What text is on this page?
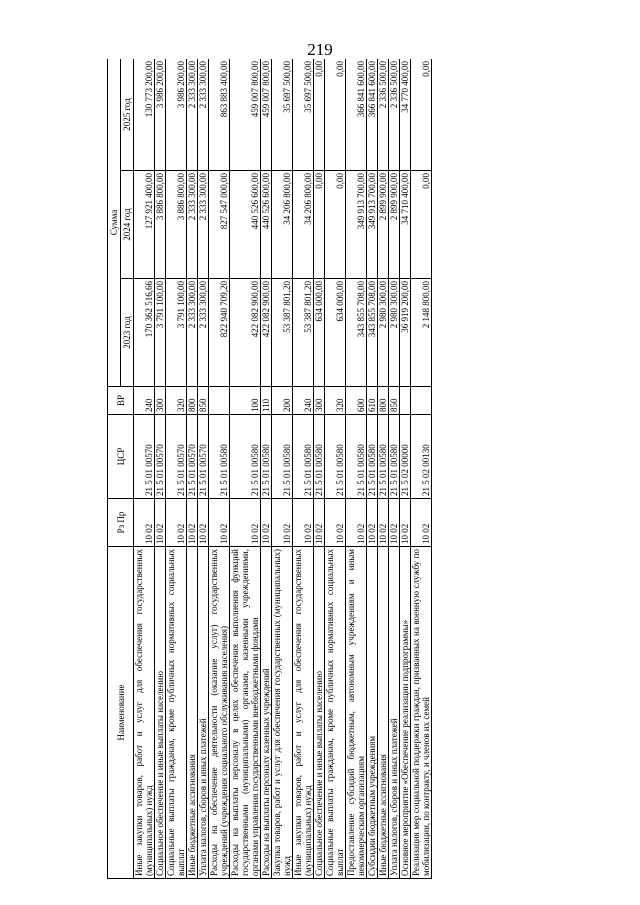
219
Наименование	Рз Пр	ЦСР	ВР	Сумма		
				2023 год	2024 год	2025 год
Иные закупки товаров, работ и услуг для обеспечения государственных (муниципальных) нужд	10 02	21 5 01 00570	240	170 362 516,66	127 921 400,00	130 773 200,00
Социальное обеспечение и иные выплаты населению	10 02	21 5 01 00570	300	3 791 100,00	3 886 800,00	3 986 200,00
Социальные выплаты гражданам, кроме публичных нормативных социальных выплат	10 02	21 5 01 00570	320	3 791 100,00	3 886 800,00	3 986 200,00
Иные бюджетные ассигнования	10 02	21 5 01 00570	800	2 333 300,00	2 333 300,00	2 333 300,00
Уплата налогов, сборов и иных платежей	10 02	21 5 01 00570	850	2 333 300,00	2 333 300,00	2 333 300,00
Расходы на обеспечение деятельности (оказание услуг) государственных учреждений (учреждения социального обслуживания населения)	10 02	21 5 01 00580		822 940 709,20	827 547 000,00	863 883 400,00
Расходы на выплаты персоналу в целях обеспечения выполнения функций государственными (муниципальными) органами, казенными учреждениями, органами управления государственными внебюджетными фондами	10 02	21 5 01 00580	100	422 082 900,00	440 526 600,00	459 007 800,00
Расходы на выплаты персоналу казенных учреждений	10 02	21 5 01 00580	110	422 082 900,00	440 526 600,00	459 007 800,00
Закупка товаров, работ и услуг для обеспечения государственных (муниципальных) нужд	10 02	21 5 01 00580	200	53 387 801,20	34 206 800,00	35 697 500,00
Иные закупки товаров, работ и услуг для обеспечения государственных (муниципальных) нужд	10 02	21 5 01 00580	240	53 387 801,20	34 206 800,00	35 697 500,00
Социальное обеспечение и иные выплаты населению	10 02	21 5 01 00580	300	634 000,00	0,00	0,00
Социальные выплаты гражданам, кроме публичных нормативных социальных выплат	10 02	21 5 01 00580	320	634 000,00	0,00	0,00
Предоставление субсидий бюджетным, автономным учреждениям и иным некоммерческим организациям	10 02	21 5 01 00580	600	343 855 708,00	349 913 700,00	366 841 600,00
Субсидии бюджетным учреждениям	10 02	21 5 01 00580	610	343 855 708,00	349 913 700,00	366 841 600,00
Иные бюджетные ассигнования	10 02	21 5 01 00580	800	2 980 300,00	2 899 900,00	2 336 500,00
Уплата налогов, сборов и иных платежей	10 02	21 5 01 00580	850	2 980 300,00	2 899 900,00	2 336 500,00
Основное мероприятие «Обеспечение реализации подпрограммы»	10 02	21 5 02 00000		36 919 200,00	34 710 400,00	34 770 400,00
Реализация мер социальной поддержки граждан, призванных на военную службу по мобилизации, по контракту, и членов их семей	10 02	21 5 02 00130		2 148 800,00	0,00	0,00
